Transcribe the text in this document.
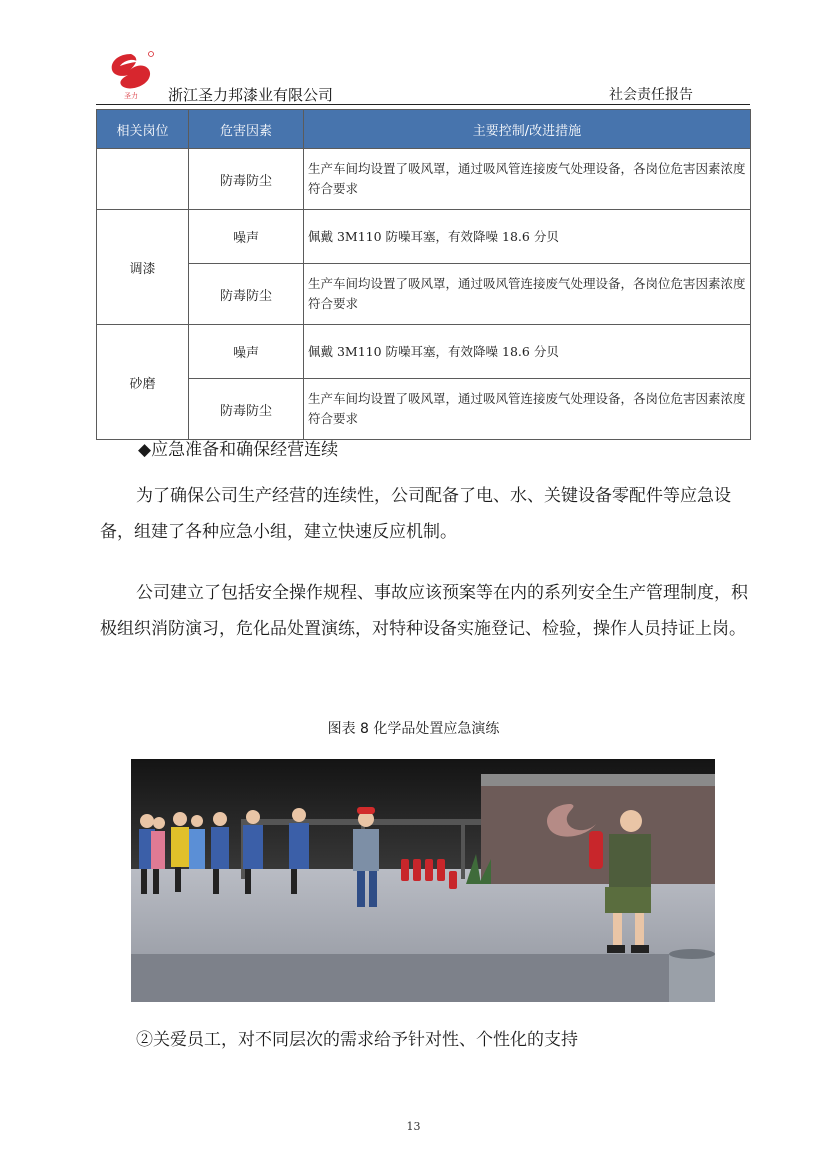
圣力 浙江圣力邦漆业有限公司	社会责任报告
相关岗位	危害因素	主要控制/改进措施
	防毒防尘	生产车间均设置了吸风罩，通过吸风管连接废气处理设备，各岗位危害因素浓度符合要求
调漆	噪声	佩戴 3M110 防噪耳塞，有效降噪 18.6 分贝
	防毒防尘	生产车间均设置了吸风罩，通过吸风管连接废气处理设备，各岗位危害因素浓度符合要求
砂磨	噪声	佩戴 3M110 防噪耳塞，有效降噪 18.6 分贝
	防毒防尘	生产车间均设置了吸风罩，通过吸风管连接废气处理设备，各岗位危害因素浓度符合要求
◆应急准备和确保经营连续

为了确保公司生产经营的连续性，公司配备了电、水、关键设备零配件等应急设备，组建了各种应急小组，建立快速反应机制。

公司建立了包括安全操作规程、事故应该预案等在内的系列安全生产管理制度，积极组织消防演习，危化品处置演练，对特种设备实施登记、检验，操作人员持证上岗。

图表 8 化学品处置应急演练
②关爱员工，对不同层次的需求给予针对性、个性化的支持
13
